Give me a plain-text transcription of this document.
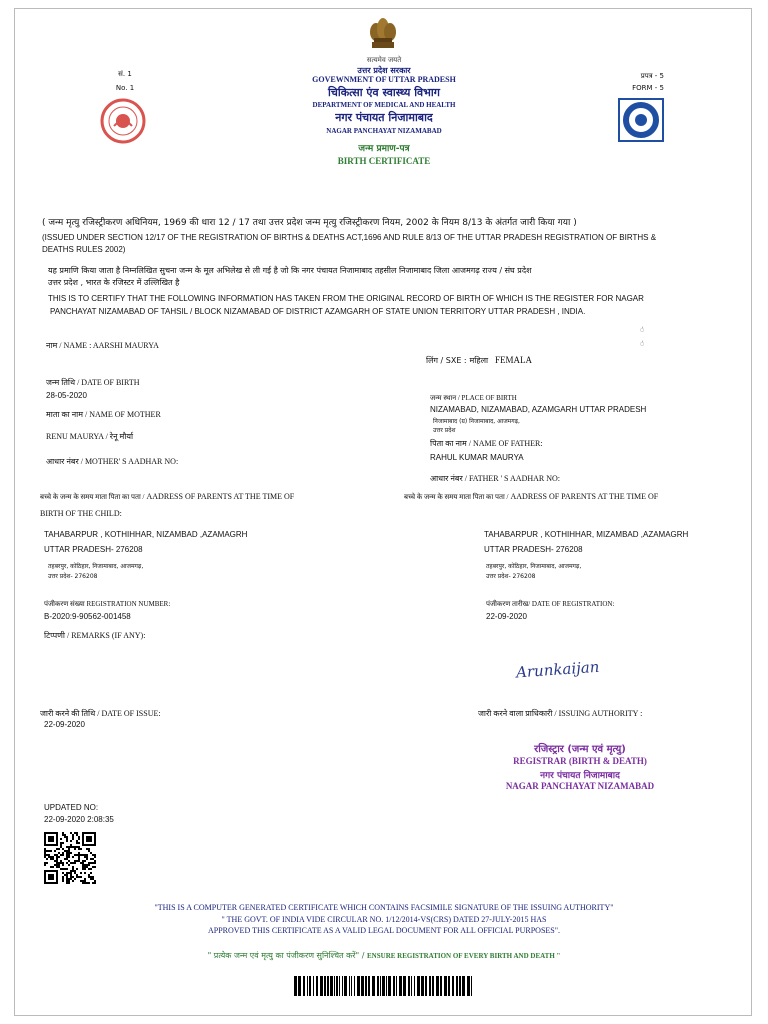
सत्यमेव जयते
उत्तर प्रदेश सरकार
GOVEWNMENT OF UTTAR PRADESH
चिकित्सा एंव स्वास्थ्य विभाग
DEPARTMENT OF MEDICAL AND HEALTH
नगर पंचायत निजामाबाद
NAGAR PANCHAYAT NIZAMABAD
जन्म प्रमाण-पत्र
BIRTH CERTIFICATE
सं. 1
No. 1
प्रपत्र - 5
FORM - 5
( जन्म मृत्यु रजिस्ट्रीकरण अधिनियम, 1969 की धारा 12 / 17 तथा उत्तर प्रदेश जन्म मृत्यु रजिस्ट्रीकरण नियम, 2002 के नियम 8/13 के अंतर्गत जारी किया गया )
(ISSUED UNDER SECTION 12/17 OF THE REGISTRATION OF BIRTHS & DEATHS ACT,1696 AND RULE 8/13 OF THE UTTAR PRADESH REGISTRATION OF BIRTHS &
DEATHS RULES 2002)
यह प्रमाणि किया जाता है निम्नलिखित सुचना जन्म के मूल अभिलेख से ली गई है जो कि नगर पंचायत निजामाबाद तहसील निजामाबाद जिला आजमगढ़ राज्य / संघ प्रदेश
उत्तर प्रदेश , भारत के रजिस्टर में उल्लिखित है
THIS IS TO CERTIFY THAT THE FOLLOWING INFORMATION HAS TAKEN FROM THE ORIGINAL RECORD OF BIRTH OF WHICH IS THE REGISTER FOR NAGAR
PANCHAYAT NIZAMABAD OF TAHSIL / BLOCK NIZAMABAD OF DISTRICT AZAMGARH OF STATE UNION TERRITORY UTTAR PRADESH , INDIA.
ं
ं
नाम / NAME : AARSHI MAURYA
लिंग / SXE : महिला FEMALA
जन्म तिथि / DATE OF BIRTH
28-05-2020	जन्म स्थान / PLACE OF BIRTH
NIZAMABAD, NIZAMABAD, AZAMGARH UTTAR PRADESH
निजामाबाद (ग्र) निजामाबाद, आजमगढ़,
उत्तर प्रदेश
माता का नाम / NAME OF MOTHER
RENU MAURYA / रेनू मौर्या
पिता का नाम / NAME OF FATHER:
RAHUL KUMAR MAURYA
आधार नंबर / MOTHER' S AADHAR NO:
आधार नंबर / FATHER ' S AADHAR NO:
बच्चे के जन्म के समय माता पिता का पता / AADRESS OF PARENTS AT THE TIME OF
BIRTH OF THE CHILD:
बच्चे के जन्म के समय माता पिता का पता / AADRESS OF PARENTS AT THE TIME OF
TAHABARPUR , KOTHIHHAR, NIZAMBAD ,AZAMAGRH
UTTAR PRADESH- 276208
तहबरपुर, कोठिहार, निजामाबाद, आजमगढ़,
उत्तर प्रदेश- 276208
TAHABARPUR , KOTHIHHAR, MIZAMBAD ,AZAMAGRH
UTTAR PRADESH- 276208
तहबरपुर, कोठिहार, निजामाबाद, आजमगढ़,
उत्तर प्रदेश- 276208
पंजीकरण संख्या REGISTRATION NUMBER:
B-2020:9-90562-001458
पंजीकरण तारीख/ DATE OF REGISTRATION:
22-09-2020
टिप्पणी / REMARKS (IF ANY):
Arunkaijan
जारी करने की तिथि / DATE OF ISSUE:
22-09-2020
जारी करने वाला प्राधिकारी / ISSUING AUTHORITY :
रजिस्ट्रार (जन्म एवं मृत्यु)
REGISTRAR (BIRTH & DEATH)
नगर पंचायत निजामाबाद
NAGAR PANCHAYAT NIZAMABAD
UPDATED NO:
22-09-2020 2:08:35
"THIS IS A COMPUTER GENERATED CERTIFICATE WHICH CONTAINS FACSIMILE SIGNATURE OF THE ISSUING AUTHORITY"
" THE GOVT. OF INDIA VIDE CIRCULAR NO. 1/12/2014-VS(CRS) DATED 27-JULY-2015 HAS
APPROVED THIS CERTIFICATE AS A VALID LEGAL DOCUMENT FOR ALL OFFICIAL PURPOSES".
" प्रत्येक जन्म एवं मृत्यु का पंजीकरण सुनिश्चित करें" / ENSURE REGISTRATION OF EVERY BIRTH AND DEATH "
